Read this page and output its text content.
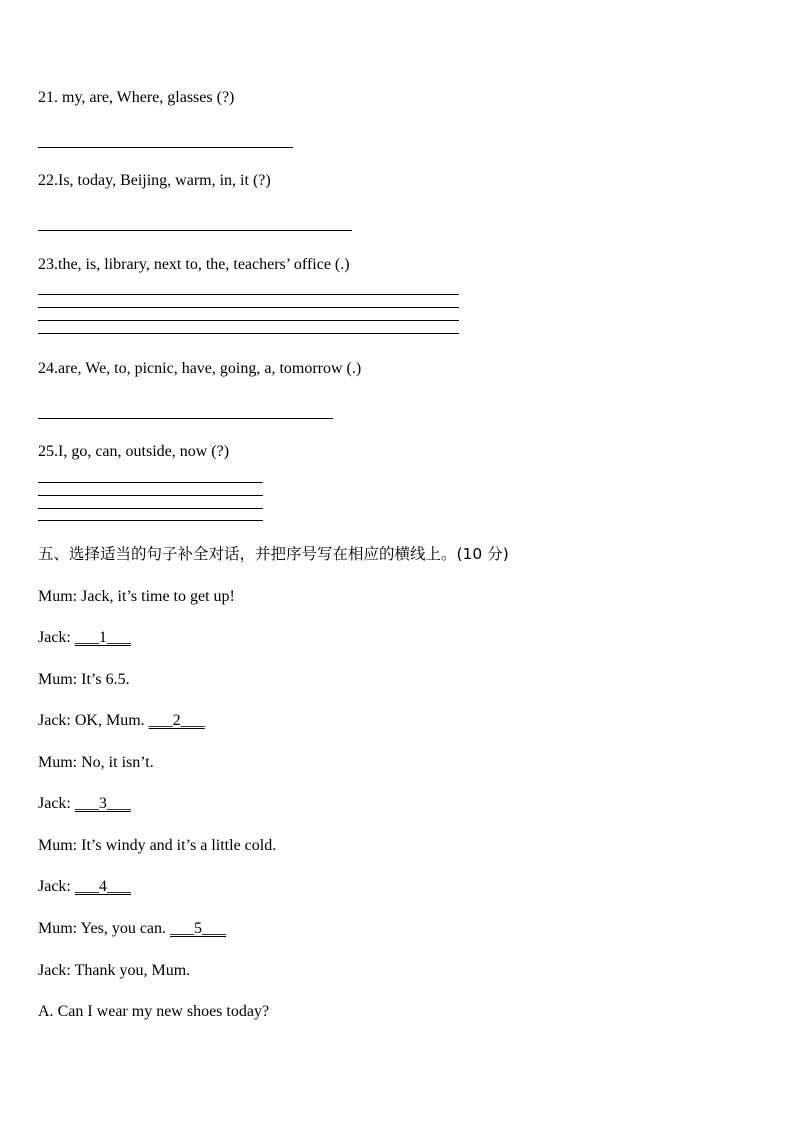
21. my, are, Where, glasses (?)
22.Is, today, Beijing, warm, in, it (?)
23.the, is, library, next to, the, teachers’ office (.)
24.are, We, to, picnic, have, going, a, tomorrow (.)
25.I, go, can, outside, now (?)
五、选择适当的句子补全对话，并把序号写在相应的横线上。(10 分)
Mum: Jack, it’s time to get up!
Jack: ___1___
Mum: It’s 6.5.
Jack: OK, Mum. ___2___
Mum: No, it isn’t.
Jack: ___3___
Mum: It’s windy and it’s a little cold.
Jack: ___4___
Mum: Yes, you can. ___5___
Jack: Thank you, Mum.
A. Can I wear my new shoes today?
